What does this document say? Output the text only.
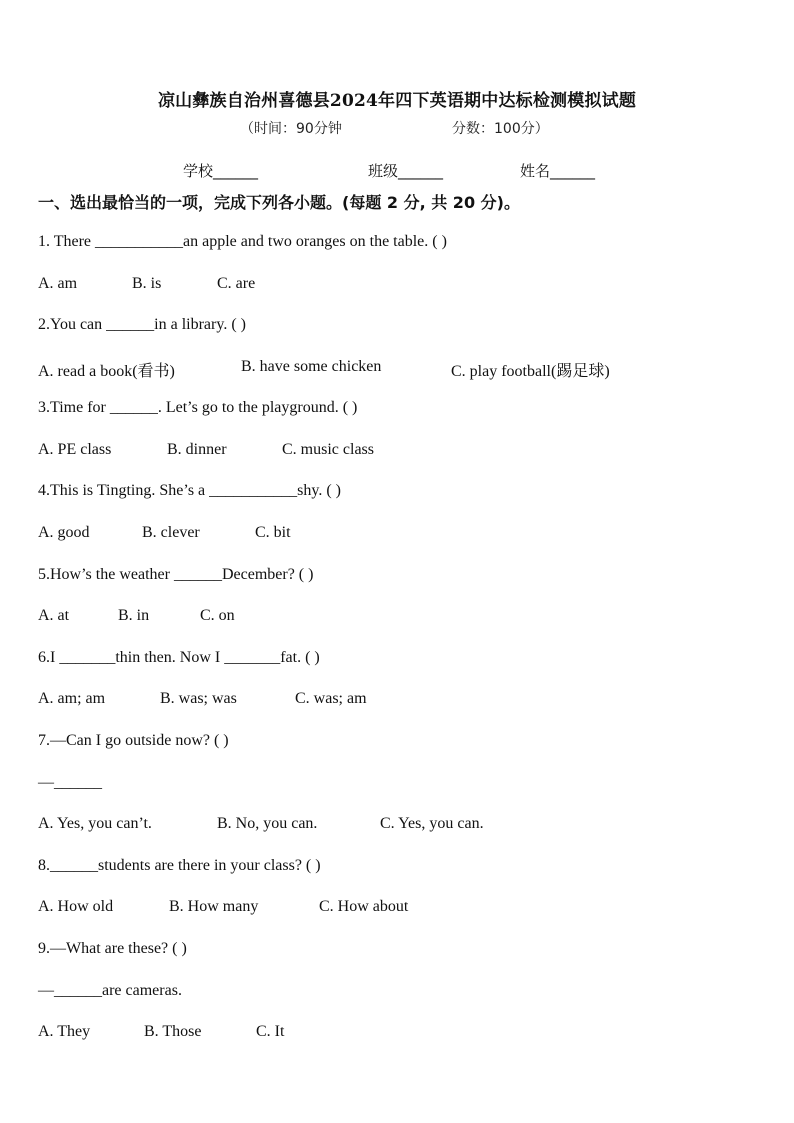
凉山彝族自治州喜德县2024年四下英语期中达标检测模拟试题
（时间：90分钟	分数：100分）
学校______	班级______	姓名______
一、选出最恰当的一项，完成下列各小题。(每题 2 分, 共 20 分)。
1. There ___________an apple and two oranges on the table. ( )
A. am	B. is	C. are
2.You can ______in a library. ( )
A. read a book(看书)	B. have some chicken	C. play football(踢足球)
3.Time for ______. Let’s go to the playground. ( )
A. PE class	B. dinner	C. music class
4.This is Tingting. She’s a ___________shy. ( )
A. good	B. clever	C. bit
5.How’s the weather ______December? ( )
A. at	B. in	C. on
6.I _______thin then. Now I _______fat. ( )
A. am; am	B. was; was	C. was; am
7.—Can I go outside now? ( )
—______
A. Yes, you can’t.	B. No, you can.	C. Yes, you can.
8.______students are there in your class? ( )
A. How old	B. How many	C. How about
9.—What are these? ( )
—______are cameras.
A. They	B. Those	C. It
